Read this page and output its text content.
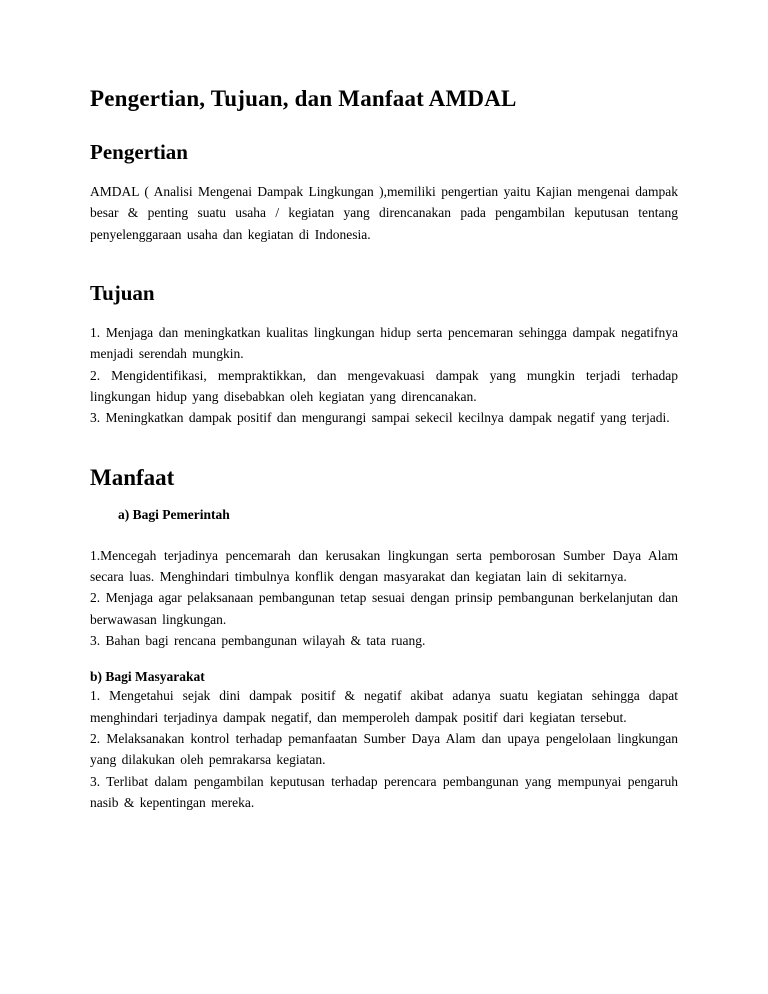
Pengertian, Tujuan, dan Manfaat AMDAL
Pengertian

AMDAL ( Analisi Mengenai Dampak Lingkungan ),memiliki pengertian yaitu Kajian mengenai dampak besar & penting suatu usaha / kegiatan yang direncanakan pada pengambilan keputusan tentang penyelenggaraan usaha dan kegiatan di Indonesia.

Tujuan

1. Menjaga dan meningkatkan kualitas lingkungan hidup serta pencemaran sehingga dampak negatifnya menjadi serendah mungkin.

2. Mengidentifikasi, mempraktikkan, dan mengevakuasi dampak yang mungkin terjadi terhadap lingkungan hidup yang disebabkan oleh kegiatan yang direncanakan.

3. Meningkatkan dampak positif dan mengurangi sampai sekecil kecilnya dampak negatif yang terjadi.

Manfaat

a) Bagi Pemerintah

1.Mencegah terjadinya pencemarah dan kerusakan lingkungan serta pemborosan Sumber Daya Alam secara luas. Menghindari timbulnya konflik dengan masyarakat dan kegiatan lain di sekitarnya.

2. Menjaga agar pelaksanaan pembangunan tetap sesuai dengan prinsip pembangunan berkelanjutan dan berwawasan lingkungan.

3. Bahan bagi rencana pembangunan wilayah & tata ruang.

b) Bagi Masyarakat

1. Mengetahui sejak dini dampak positif & negatif akibat adanya suatu kegiatan sehingga dapat menghindari terjadinya dampak negatif, dan memperoleh dampak positif dari kegiatan tersebut.

2. Melaksanakan kontrol terhadap pemanfaatan Sumber Daya Alam dan upaya pengelolaan lingkungan yang dilakukan oleh pemrakarsa kegiatan.

3. Terlibat dalam pengambilan keputusan terhadap perencara pembangunan yang mempunyai pengaruh nasib & kepentingan mereka.
